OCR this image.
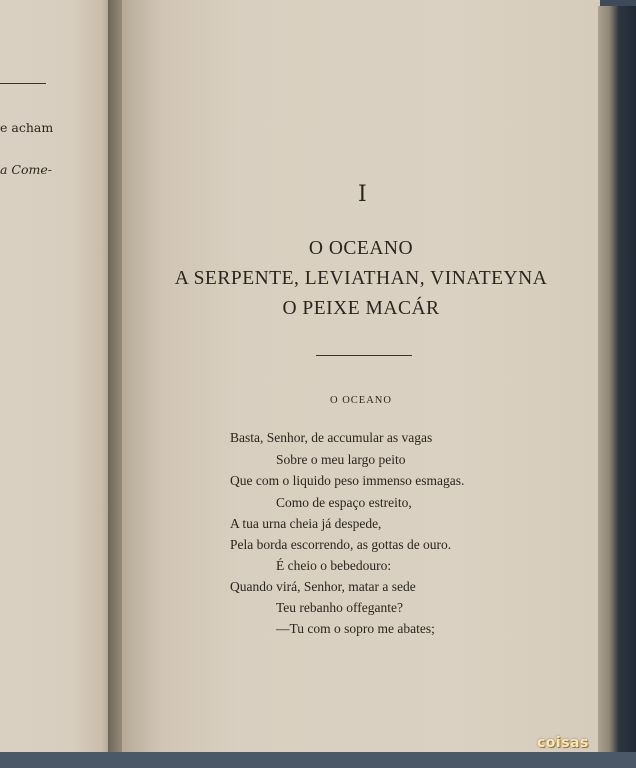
e acham
a Come-
I
O OCEANO
A SERPENTE, LEVIATHAN, VINATEYNA
O PEIXE MACÁR
O OCEANO
Basta, Senhor, de accumular as vagas
Sobre o meu largo peito
Que com o liquido peso immenso esmagas.
Como de espaço estreito,
A tua urna cheia já despede,
Pela borda escorrendo, as gottas de ouro.
É cheio o bebedouro:
Quando virá, Senhor, matar a sede
Teu rebanho offegante?
—Tu com o sopro me abates;
coisas
